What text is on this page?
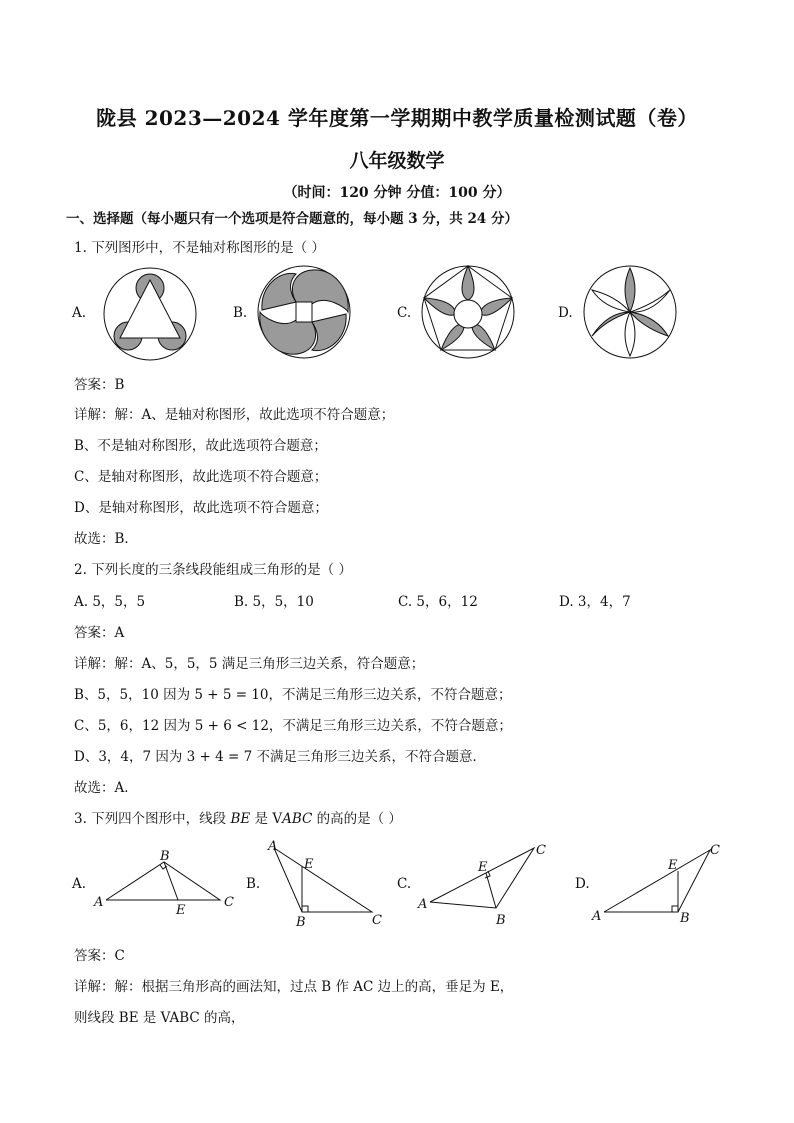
陇县 2023—2024 学年度第一学期期中教学质量检测试题（卷）
八年级数学
（时间：120 分钟 分值：100 分）
一、选择题（每小题只有一个选项是符合题意的，每小题 3 分，共 24 分）
1. 下列图形中，不是轴对称图形的是（ ）
A.	B.	C.	D.
答案：B
详解：解：A、是轴对称图形，故此选项不符合题意；
B、不是轴对称图形，故此选项符合题意；
C、是轴对称图形，故此选项不符合题意；
D、是轴对称图形，故此选项不符合题意；
故选：B．
2. 下列长度的三条线段能组成三角形的是（ ）
A. 5，5，5	B. 5，5，10	C. 5，6，12	D. 3，4，7
答案：A
详解：解：A、5，5，5 满足三角形三边关系，符合题意；
B、5，5，10 因为 5 + 5 = 10，不满足三角形三边关系，不符合题意；
C、5，6，12 因为 5 + 6 < 12，不满足三角形三边关系，不符合题意；
D、3，4，7 因为 3 + 4 = 7 不满足三角形三边关系，不符合题意．
故选：A．
3. 下列四个图形中，线段 BE 是 VABC 的高的是（ ）
A.
A
B
C
E
B.
A
B	C
E
C.
A
B
C
E
D.
A	B
C
E
答案：C
详解：解：根据三角形高的画法知，过点 B 作 AC 边上的高，垂足为 E，
则线段 BE 是 VABC 的高，
